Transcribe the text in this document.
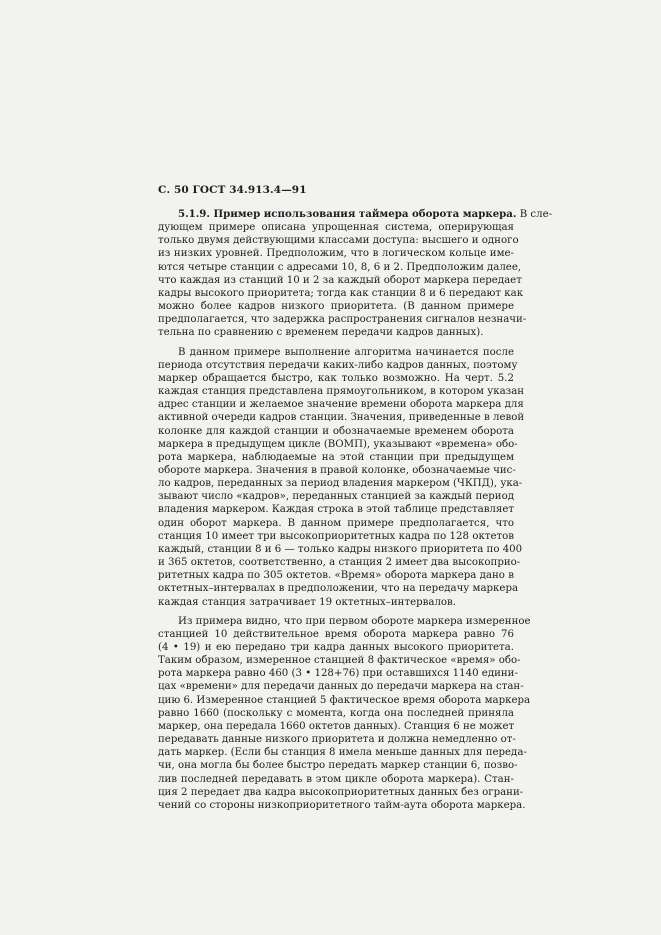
С. 50 ГОСТ 34.913.4—91

5.1.9. Пример использования таймера оборота маркера. В сле-
дующем примере описана упрощенная система, оперирующая
только двумя действующими классами доступа: высшего и одного
из низких уровней. Предположим, что в логическом кольце име-
ются четыре станции с адресами 10, 8, 6 и 2. Предположим далее,
что каждая из станций 10 и 2 за каждый оборот маркера передает
кадры высокого приоритета; тогда как станции 8 и 6 передают как
можно более кадров низкого приоритета. (В данном примере
предполагается, что задержка распространения сигналов незначи-
тельна по сравнению с временем передачи кадров данных).

В данном примере выполнение алгоритма начинается после
периода отсутствия передачи каких-либо кадров данных, поэтому
маркер обращается быстро, как только возможно. На черт. 5.2
каждая станция представлена прямоугольником, в котором указан
адрес станции и желаемое значение времени оборота маркера для
активной очереди кадров станции. Значения, приведенные в левой
колонке для каждой станции и обозначаемые временем оборота
маркера в предыдущем цикле (ВОМП), указывают «времена» обо-
рота маркера, наблюдаемые на этой станции при предыдущем
обороте маркера. Значения в правой колонке, обозначаемые чис-
ло кадров, переданных за период владения маркером (ЧКПД), ука-
зывают число «кадров», переданных станцией за каждый период
владения маркером. Каждая строка в этой таблице представляет
один оборот маркера. В данном примере предполагается, что
станция 10 имеет три высокоприоритетных кадра по 128 октетов
каждый, станции 8 и 6 — только кадры низкого приоритета по 400
и 365 октетов, соответственно, а станция 2 имеет два высокоприо-
ритетных кадра по 305 октетов. «Время» оборота маркера дано в
октетных–интервалах в предположении, что на передачу маркера
каждая станция затрачивает 19 октетных–интервалов.

Из примера видно, что при первом обороте маркера измеренное
станцией 10 действительное время оборота маркера равно 76
(4 • 19) и ею передано три кадра данных высокого приоритета.
Таким образом, измеренное станцией 8 фактическое «время» обо-
рота маркера равно 460 (3 • 128+76) при оставшихся 1140 едини-
цах «времени» для передачи данных до передачи маркера на стан-
цию 6. Измеренное станцией 5 фактическое время оборота маркера
равно 1660 (поскольку с момента, когда она последней приняла
маркер, она передала 1660 октетов данных). Станция 6 не может
передавать данные низкого приоритета и должна немедленно от-
дать маркер. (Если бы станция 8 имела меньше данных для переда-
чи, она могла бы более быстро передать маркер станции 6, позво-
лив последней передавать в этом цикле оборота маркера). Стан-
ция 2 передает два кадра высокоприоритетных данных без ограни-
чений со стороны низкоприоритетного тайм-аута оборота маркера.
